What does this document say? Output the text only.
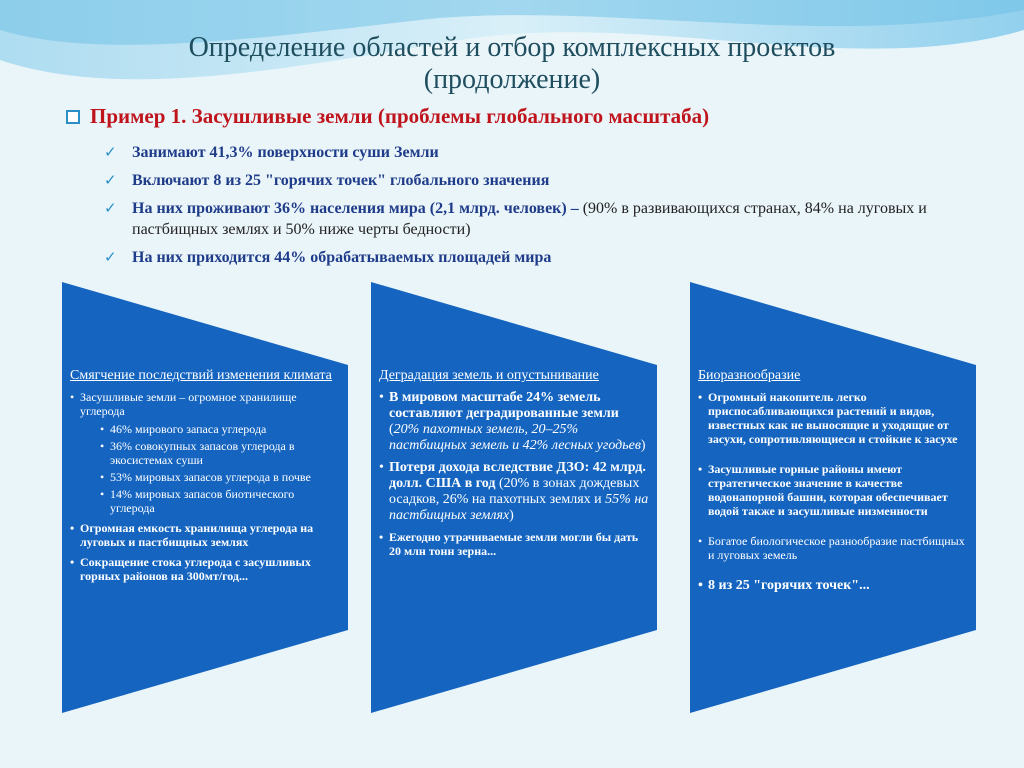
Определение областей и отбор комплексных проектов
(продолжение)
Пример 1. Засушливые земли (проблемы глобального масштаба)
✓ Занимают 41,3% поверхности суши Земли
✓ Включают 8 из 25 "горячих точек" глобального значения
✓ На них проживают 36% населения мира (2,1 млрд. человек) – (90% в развивающихся странах, 84% на луговых и пастбищных землях и 50% ниже черты бедности)
✓ На них приходится 44% обрабатываемых площадей мира
Смягчение последствий изменения климата
• Засушливые земли – огромное хранилище углерода
• 46% мирового запаса углерода
• 36% совокупных запасов углерода в экосистемах суши
• 53% мировых запасов углерода в почве
• 14% мировых запасов биотического углерода
• Огромная емкость хранилища углерода на луговых и пастбищных землях
• Сокращение стока углерода с засушливых горных районов на 300мт/год...
Деградация земель и опустынивание
• В мировом масштабе 24% земель составляют деградированные земли (20% пахотных земель, 20–25% пастбищных земель и 42% лесных угодьев)
• Потеря дохода вследствие ДЗО: 42 млрд. долл. США в год (20% в зонах дождевых осадков, 26% на пахотных землях и 55% на пастбищных землях)
• Ежегодно утрачиваемые земли могли бы дать 20 млн тонн зерна...
Биоразнообразие
• Огромный накопитель легко приспосабливающихся растений и видов, известных как не выносящие и уходящие от засухи, сопротивляющиеся и стойкие к засухе
• Засушливые горные районы имеют стратегическое значение в качестве водонапорной башни, которая обеспечивает водой также и засушливые низменности
• Богатое биологическое разнообразие пастбищных и луговых земель
• 8 из 25 "горячих точек"...
